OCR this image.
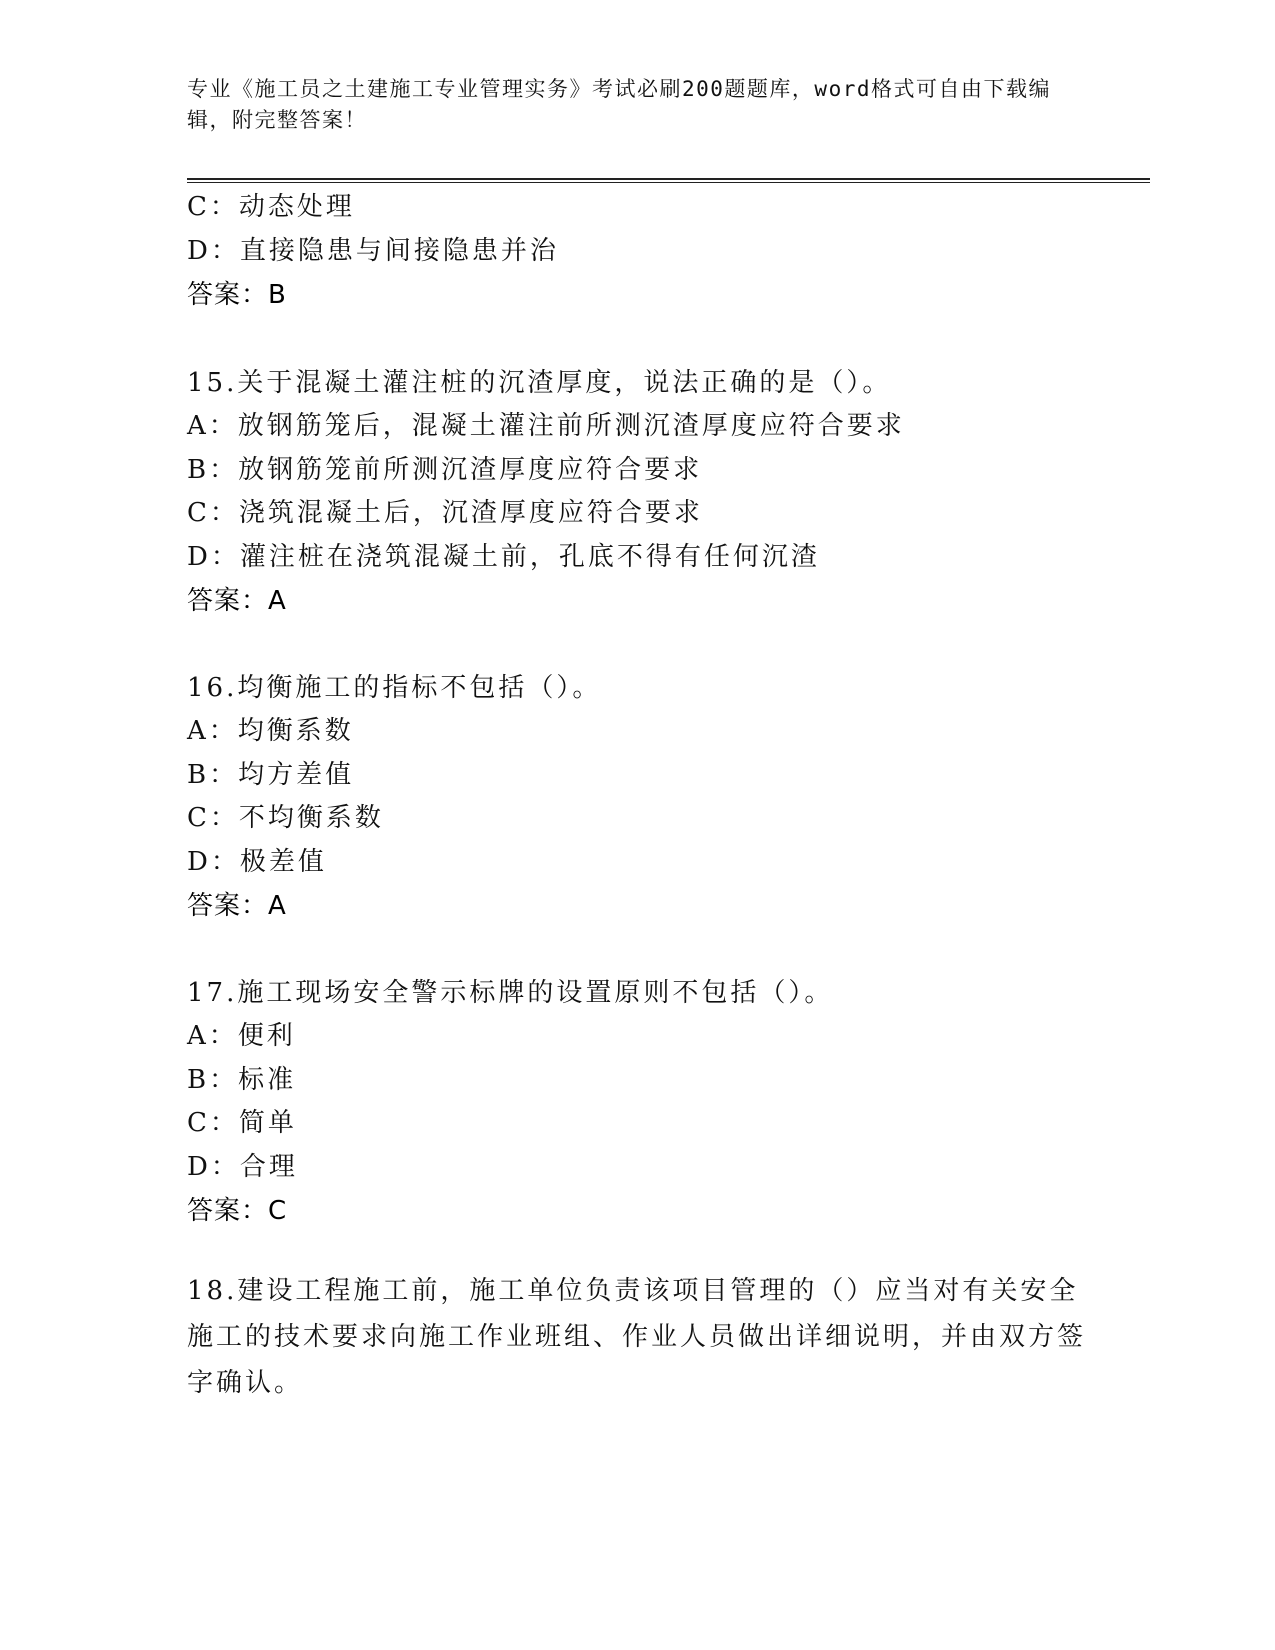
专业《施工员之土建施工专业管理实务》考试必刷200题题库，word格式可自由下载编辑，附完整答案！
C：动态处理
D：直接隐患与间接隐患并治
答案：B
15.关于混凝土灌注桩的沉渣厚度，说法正确的是（）。
A：放钢筋笼后，混凝土灌注前所测沉渣厚度应符合要求
B：放钢筋笼前所测沉渣厚度应符合要求
C：浇筑混凝土后，沉渣厚度应符合要求
D：灌注桩在浇筑混凝土前，孔底不得有任何沉渣
答案：A
16.均衡施工的指标不包括（）。
A：均衡系数
B：均方差值
C：不均衡系数
D：极差值
答案：A
17.施工现场安全警示标牌的设置原则不包括（）。
A：便利
B：标准
C：简单
D：合理
答案：C
18.建设工程施工前，施工单位负责该项目管理的（）应当对有关安全施工的技术要求向施工作业班组、作业人员做出详细说明，并由双方签字确认。
